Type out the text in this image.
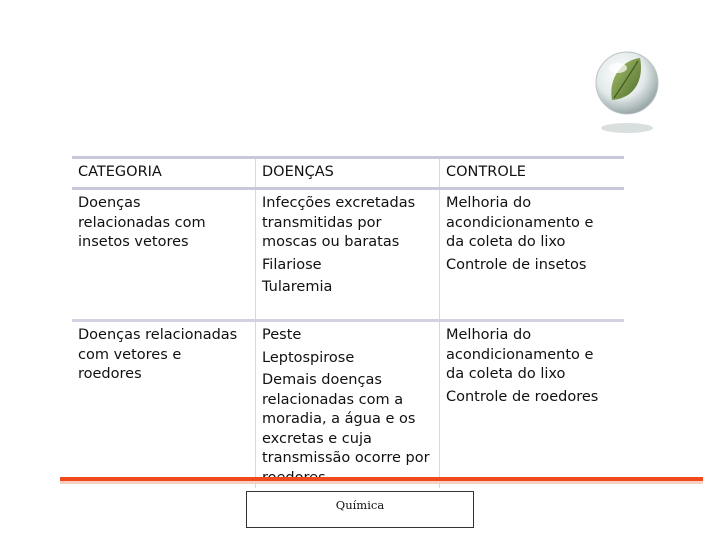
CATEGORIA	DOENÇAS	CONTROLE

Doenças relacionadas com insetos vetores

Infecções excretadas transmitidas por moscas ou baratas

Filariose

Tularemia

Melhoria do acondicionamento e da coleta do lixo

Controle de insetos

Doenças relacionadas com vetores e roedores

Peste

Leptospirose

Demais doenças relacionadas com a moradia, a água e os excretas e cuja transmissão ocorre por

Melhoria do acondicionamento e da coleta do lixo

Controle de roedores

Química
